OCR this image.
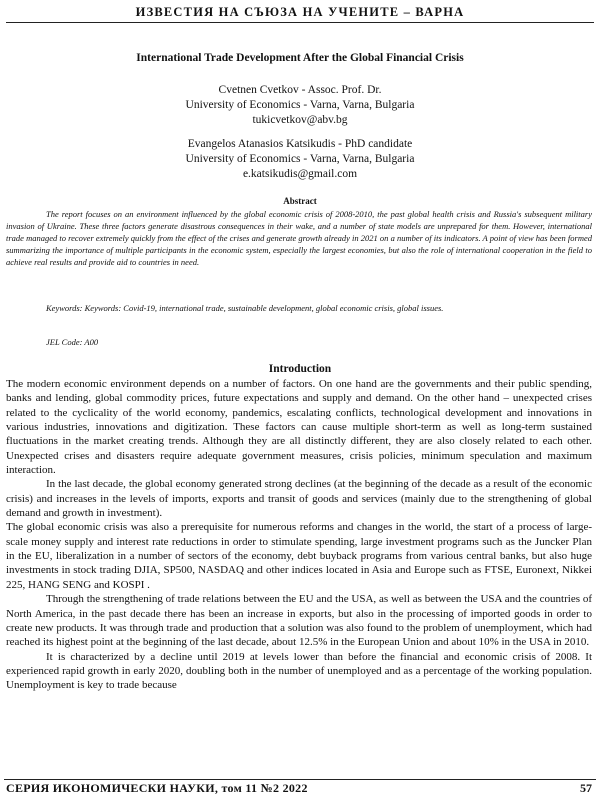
ИЗВЕСТИЯ НА СЪЮЗА НА УЧЕНИТЕ – ВАРНА
International Trade Development After the Global Financial Crisis
Cvetnen Cvetkov - Assoc. Prof. Dr.
University of Economics - Varna, Varna, Bulgaria
tukicvetkov@abv.bg
Evangelos Atanasios Katsikudis - PhD candidate
University of Economics - Varna, Varna, Bulgaria
e.katsikudis@gmail.com
Abstract
The report focuses on an environment influenced by the global economic crisis of 2008-2010, the past global health crisis and Russia's subsequent military invasion of Ukraine. These three factors generate disastrous consequences in their wake, and a number of state models are unprepared for them. However, international trade managed to recover extremely quickly from the effect of the crises and generate growth already in 2021 on a number of its indicators. A point of view has been formed summarizing the importance of multiple participants in the economic system, especially the largest economies, but also the role of international cooperation in the field to achieve real results and provide aid to countries in need.
Keywords: Keywords: Covid-19, international trade, sustainable development, global economic crisis, global issues.
JEL Code: A00
Introduction

The modern economic environment depends on a number of factors. On one hand are the governments and their public spending, banks and lending, global commodity prices, future expectations and supply and demand. On the other hand – unexpected crises related to the cyclicality of the world economy, pandemics, escalating conflicts, technological development and innovations in various industries, innovations and digitization. These factors can cause multiple short-term as well as long-term sustained fluctuations in the market creating trends. Although they are all distinctly different, they are also closely related to each other. Unexpected crises and disasters require adequate government measures, crisis policies, minimum speculation and maximum interaction.

In the last decade, the global economy generated strong declines (at the beginning of the decade as a result of the economic crisis) and increases in the levels of imports, exports and transit of goods and services (mainly due to the strengthening of global demand and growth in investment).

The global economic crisis was also a prerequisite for numerous reforms and changes in the world, the start of a process of large-scale money supply and interest rate reductions in order to stimulate spending, large investment programs such as the Juncker Plan in the EU, liberalization in a number of sectors of the economy, debt buyback programs from various central banks, but also huge investments in stock trading DJIA, SP500, NASDAQ and other indices located in Asia and Europe such as FTSE, Euronext, Nikkei 225, HANG SENG and KOSPI .

Through the strengthening of trade relations between the EU and the USA, as well as between the USA and the countries of North America, in the past decade there has been an increase in exports, but also in the processing of imported goods in order to create new products. It was through trade and production that a solution was also found to the problem of unemployment, which had reached its highest point at the beginning of the last decade, about 12.5% in the European Union and about 10% in the USA in 2010.

It is characterized by a decline until 2019 at levels lower than before the financial and economic crisis of 2008. It experienced rapid growth in early 2020, doubling both in the number of unemployed and as a percentage of the working population. Unemployment is key to trade because

СЕРИЯ ИКОНОМИЧЕСКИ НАУКИ, том 11 №2 2022	57
